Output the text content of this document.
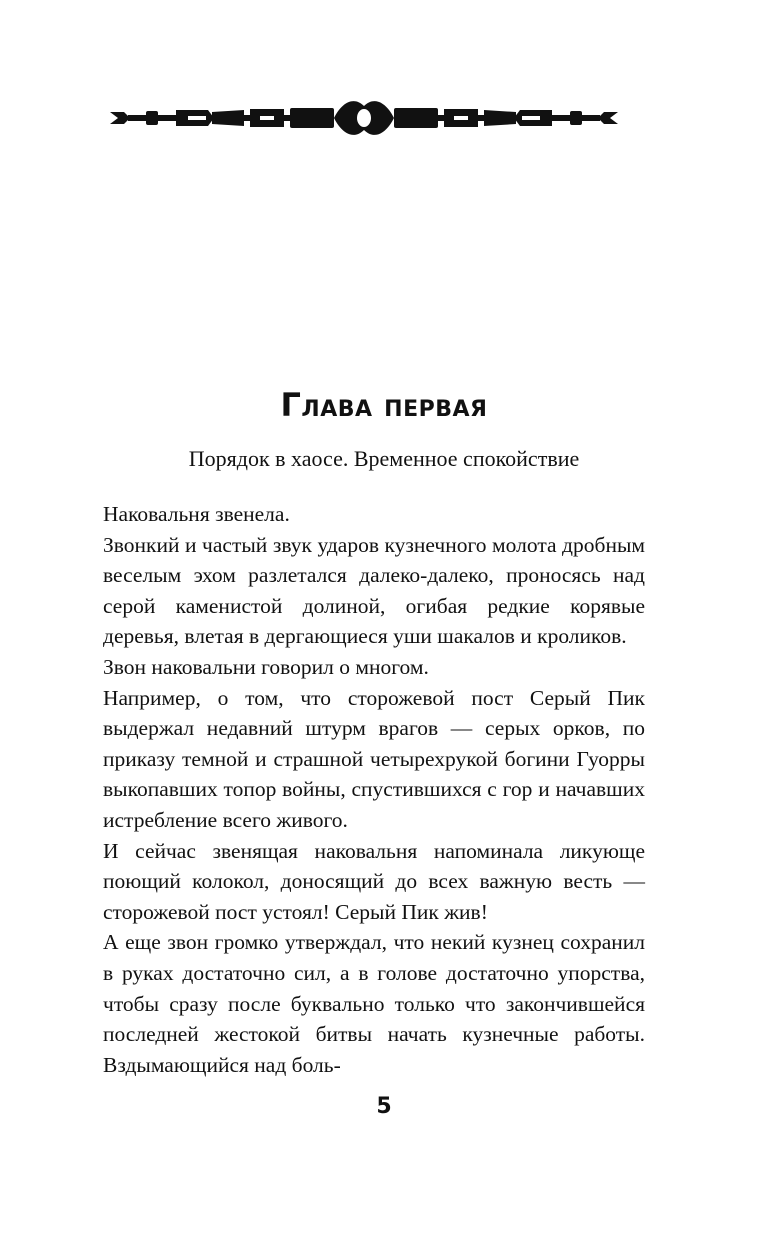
Глава первая
Порядок в хаосе. Временное спокойствие

Наковальня звенела.

Звонкий и частый звук ударов кузнечного молота дробным веселым эхом разлетался далеко-далеко, проносясь над серой каменистой долиной, огибая редкие корявые деревья, влетая в дергающиеся уши шакалов и кроликов.

Звон наковальни говорил о многом.

Например, о том, что сторожевой пост Серый Пик выдержал недавний штурм врагов — серых орков, по приказу темной и страшной четырехрукой богини Гуорры выкопавших топор войны, спустившихся с гор и начавших истребление всего живого.

И сейчас звенящая наковальня напоминала ликующе поющий колокол, доносящий до всех важную весть — сторожевой пост устоял! Серый Пик жив!

А еще звон громко утверждал, что некий кузнец сохранил в руках достаточно сил, а в голове достаточно упорства, чтобы сразу после буквально только что закончившейся последней жестокой битвы начать кузнечные работы. Вздымающийся над боль-

5
